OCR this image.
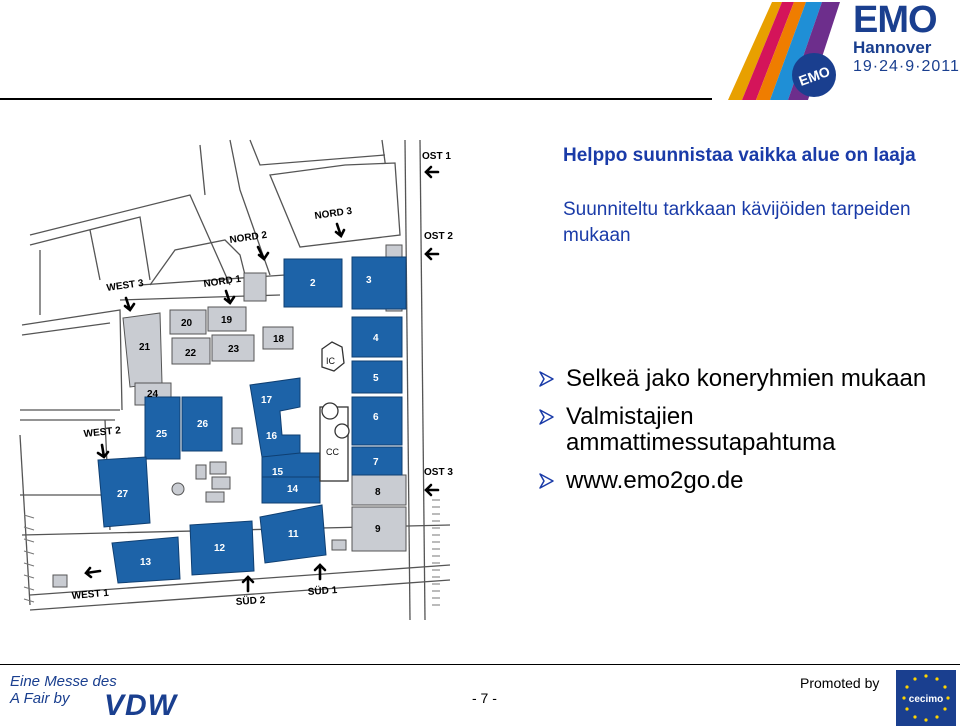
EMO
EMO
Hannover
19·24·9·2011
IC
CC
2	3
4
5
6
7
11
12
13
14
15
16
17
25
26
27	8
9
18
19
20
21
22	23
24
OST 1
OST 2
OST 3
NORD 3
NORD 2
NORD 1
WEST 3
WEST 2
WEST 1	SÜD 2
SÜD 1
Helppo suunnistaa vaikka alue on laaja
Suunniteltu tarkkaan kävijöiden tarpeiden mukaan
Selkeä jako koneryhmien mukaan
Valmistajien ammattimessutapahtuma
www.emo2go.de
Eine Messe des
A Fair by	VDW	- 7 -
Promoted by
cecimo
